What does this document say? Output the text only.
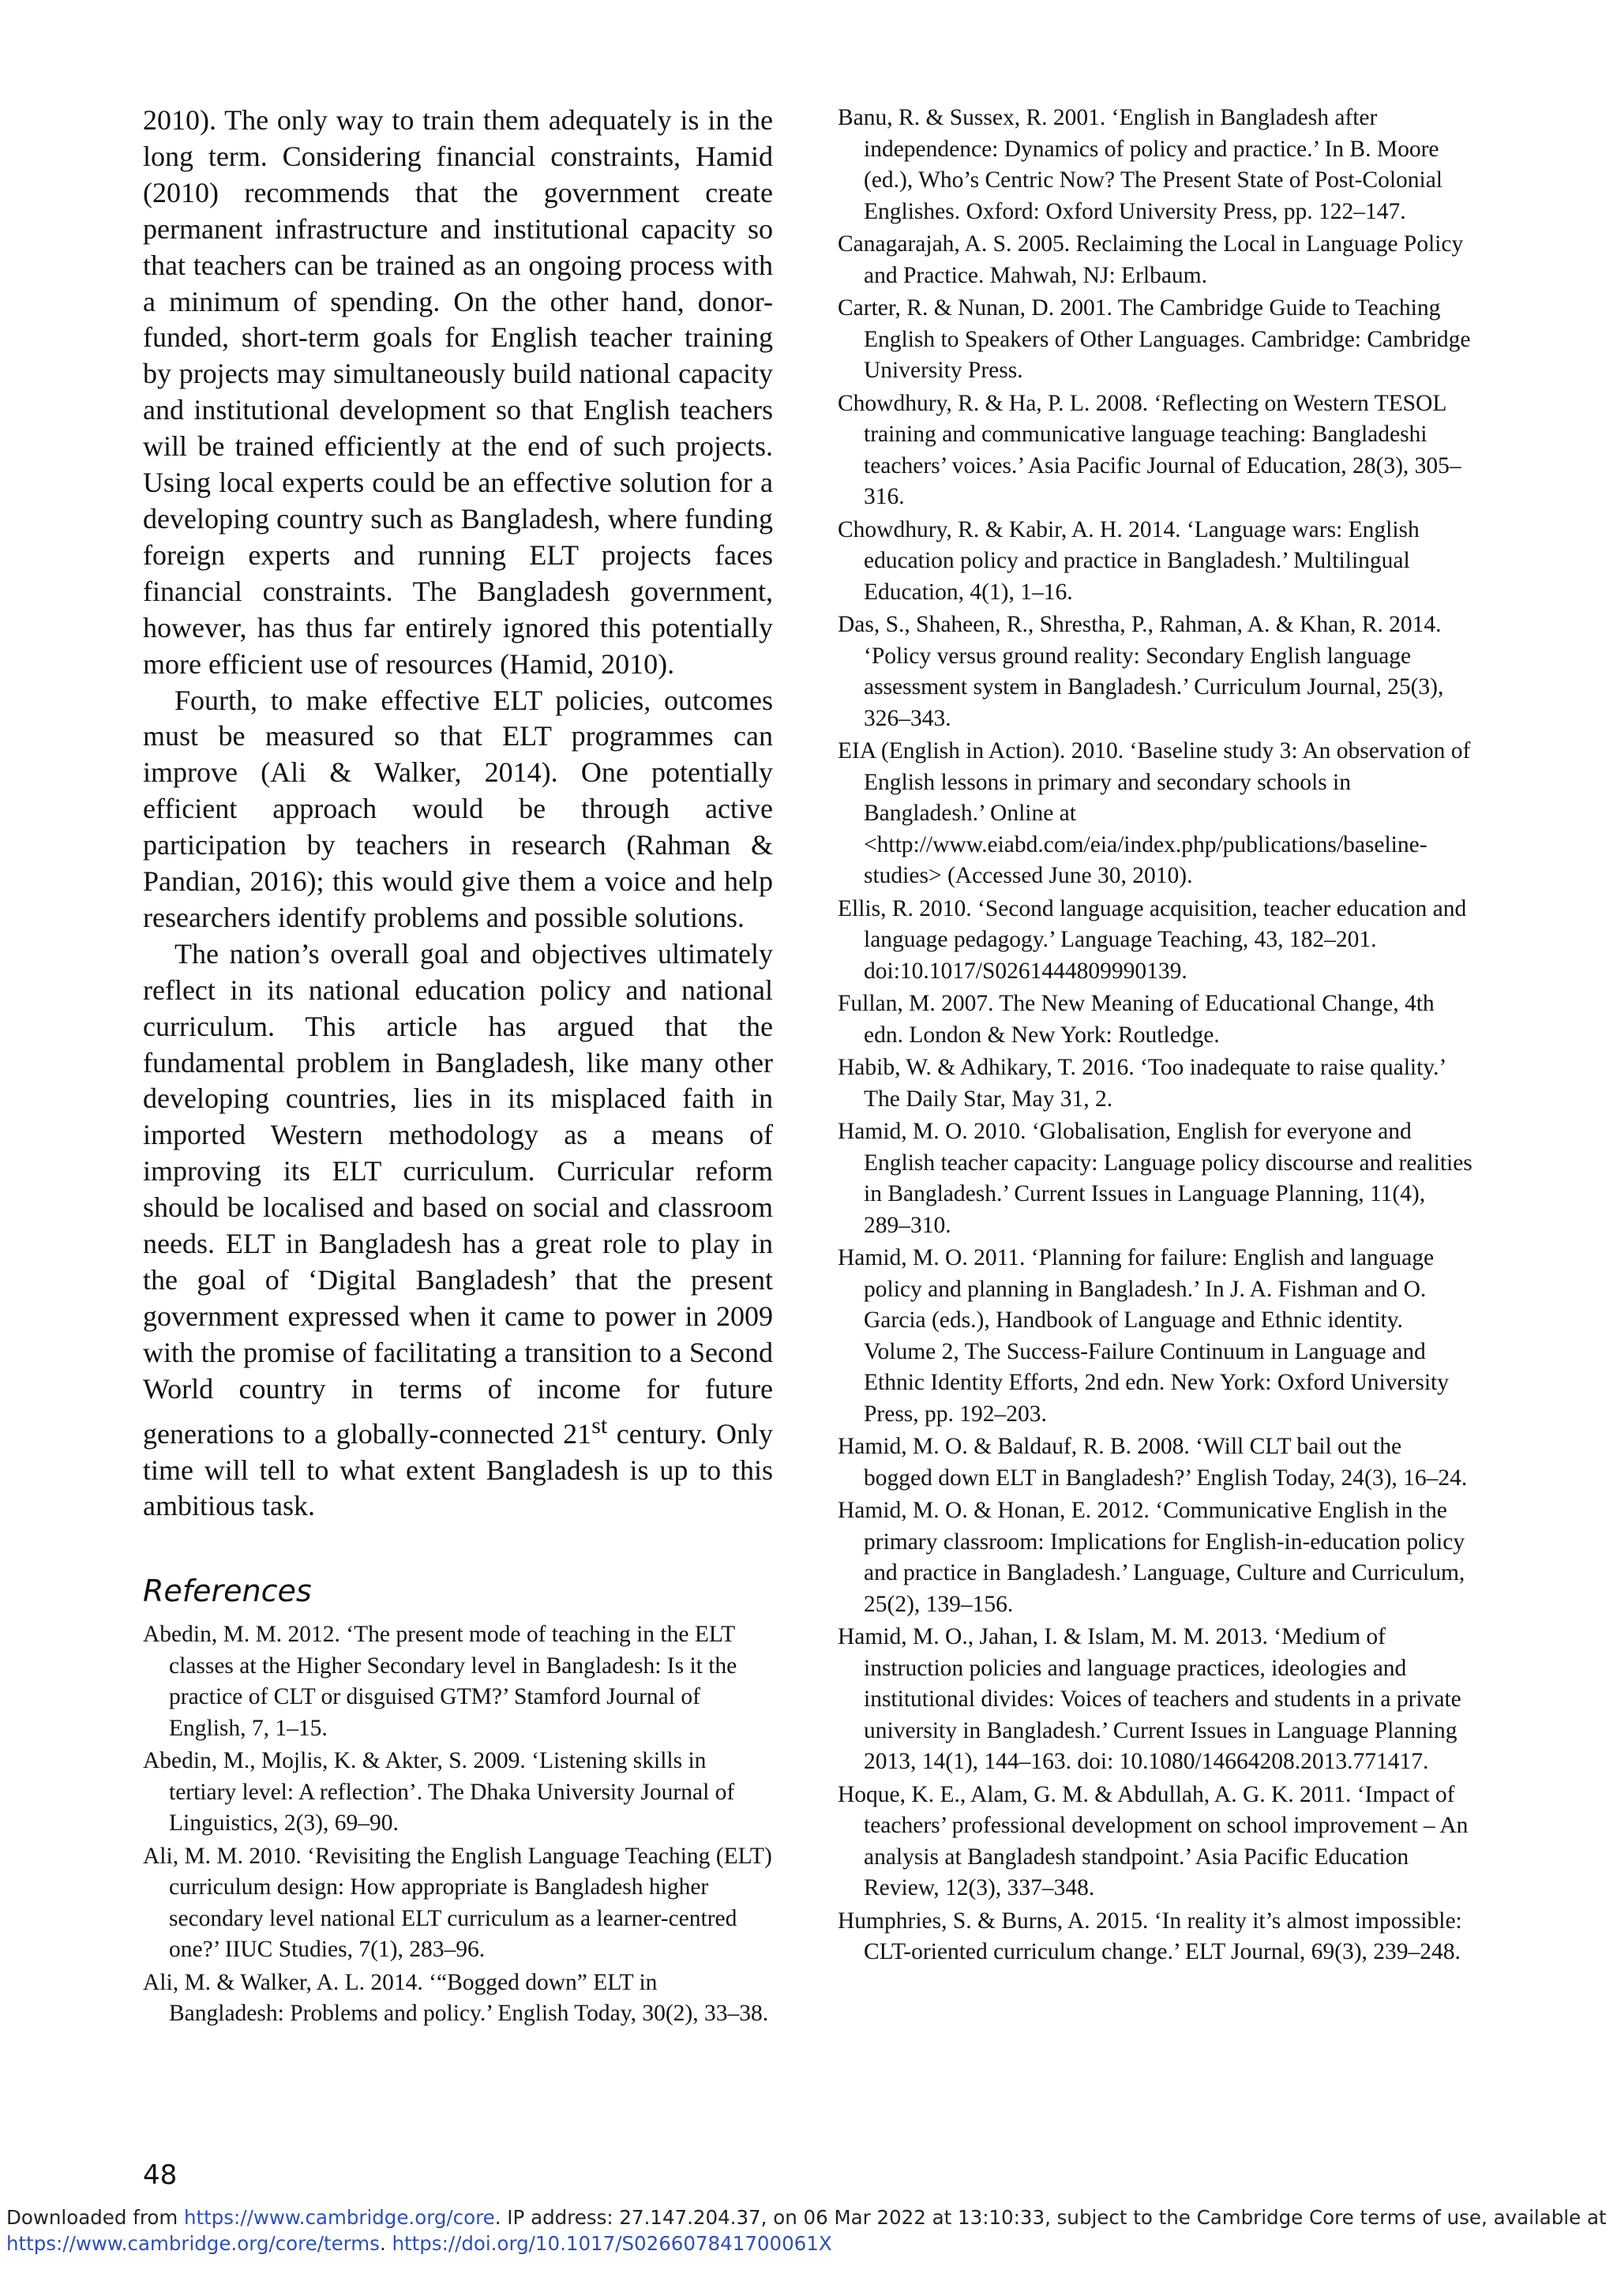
2010). The only way to train them adequately is in the long term. Considering financial constraints, Hamid (2010) recommends that the government create permanent infrastructure and institutional capacity so that teachers can be trained as an ongoing process with a minimum of spending. On the other hand, donor-funded, short-term goals for English teacher training by projects may simultaneously build national capacity and institutional development so that English teachers will be trained efficiently at the end of such projects. Using local experts could be an effective solution for a developing country such as Bangladesh, where funding foreign experts and running ELT projects faces financial constraints. The Bangladesh government, however, has thus far entirely ignored this potentially more efficient use of resources (Hamid, 2010).

Fourth, to make effective ELT policies, outcomes must be measured so that ELT programmes can improve (Ali & Walker, 2014). One potentially efficient approach would be through active participation by teachers in research (Rahman & Pandian, 2016); this would give them a voice and help researchers identify problems and possible solutions.

The nation’s overall goal and objectives ultimately reflect in its national education policy and national curriculum. This article has argued that the fundamental problem in Bangladesh, like many other developing countries, lies in its misplaced faith in imported Western methodology as a means of improving its ELT curriculum. Curricular reform should be localised and based on social and classroom needs. ELT in Bangladesh has a great role to play in the goal of ‘Digital Bangladesh’ that the present government expressed when it came to power in 2009 with the promise of facilitating a transition to a Second World country in terms of income for future generations to a globally-connected 21st century. Only time will tell to what extent Bangladesh is up to this ambitious task.

References

Abedin, M. M. 2012. ‘The present mode of teaching in the ELT classes at the Higher Secondary level in Bangladesh: Is it the practice of CLT or disguised GTM?’ Stamford Journal of English, 7, 1–15.

Abedin, M., Mojlis, K. & Akter, S. 2009. ‘Listening skills in tertiary level: A reflection’. The Dhaka University Journal of Linguistics, 2(3), 69–90.

Ali, M. M. 2010. ‘Revisiting the English Language Teaching (ELT) curriculum design: How appropriate is Bangladesh higher secondary level national ELT curriculum as a learner-centred one?’ IIUC Studies, 7(1), 283–96.

Ali, M. & Walker, A. L. 2014. ‘“Bogged down” ELT in Bangladesh: Problems and policy.’ English Today, 30(2), 33–38.

Banu, R. & Sussex, R. 2001. ‘English in Bangladesh after independence: Dynamics of policy and practice.’ In B. Moore (ed.), Who’s Centric Now? The Present State of Post-Colonial Englishes. Oxford: Oxford University Press, pp. 122–147.

Canagarajah, A. S. 2005. Reclaiming the Local in Language Policy and Practice. Mahwah, NJ: Erlbaum.

Carter, R. & Nunan, D. 2001. The Cambridge Guide to Teaching English to Speakers of Other Languages. Cambridge: Cambridge University Press.

Chowdhury, R. & Ha, P. L. 2008. ‘Reflecting on Western TESOL training and communicative language teaching: Bangladeshi teachers’ voices.’ Asia Pacific Journal of Education, 28(3), 305–316.

Chowdhury, R. & Kabir, A. H. 2014. ‘Language wars: English education policy and practice in Bangladesh.’ Multilingual Education, 4(1), 1–16.

Das, S., Shaheen, R., Shrestha, P., Rahman, A. & Khan, R. 2014. ‘Policy versus ground reality: Secondary English language assessment system in Bangladesh.’ Curriculum Journal, 25(3), 326–343.

EIA (English in Action). 2010. ‘Baseline study 3: An observation of English lessons in primary and secondary schools in Bangladesh.’ Online at <http://www.eiabd.com/eia/index.php/publications/baseline-studies> (Accessed June 30, 2010).

Ellis, R. 2010. ‘Second language acquisition, teacher education and language pedagogy.’ Language Teaching, 43, 182–201. doi:10.1017/S0261444809990139.

Fullan, M. 2007. The New Meaning of Educational Change, 4th edn. London & New York: Routledge.

Habib, W. & Adhikary, T. 2016. ‘Too inadequate to raise quality.’ The Daily Star, May 31, 2.

Hamid, M. O. 2010. ‘Globalisation, English for everyone and English teacher capacity: Language policy discourse and realities in Bangladesh.’ Current Issues in Language Planning, 11(4), 289–310.

Hamid, M. O. 2011. ‘Planning for failure: English and language policy and planning in Bangladesh.’ In J. A. Fishman and O. Garcia (eds.), Handbook of Language and Ethnic identity. Volume 2, The Success-Failure Continuum in Language and Ethnic Identity Efforts, 2nd edn. New York: Oxford University Press, pp. 192–203.

Hamid, M. O. & Baldauf, R. B. 2008. ‘Will CLT bail out the bogged down ELT in Bangladesh?’ English Today, 24(3), 16–24.

Hamid, M. O. & Honan, E. 2012. ‘Communicative English in the primary classroom: Implications for English-in-education policy and practice in Bangladesh.’ Language, Culture and Curriculum, 25(2), 139–156.

Hamid, M. O., Jahan, I. & Islam, M. M. 2013. ‘Medium of instruction policies and language practices, ideologies and institutional divides: Voices of teachers and students in a private university in Bangladesh.’ Current Issues in Language Planning 2013, 14(1), 144–163. doi: 10.1080/14664208.2013.771417.

Hoque, K. E., Alam, G. M. & Abdullah, A. G. K. 2011. ‘Impact of teachers’ professional development on school improvement – An analysis at Bangladesh standpoint.’ Asia Pacific Education Review, 12(3), 337–348.

Humphries, S. & Burns, A. 2015. ‘In reality it’s almost impossible: CLT-oriented curriculum change.’ ELT Journal, 69(3), 239–248.

48
Downloaded from https://www.cambridge.org/core. IP address: 27.147.204.37, on 06 Mar 2022 at 13:10:33, subject to the Cambridge Core terms of use, available at
https://www.cambridge.org/core/terms. https://doi.org/10.1017/S026607841700061X
